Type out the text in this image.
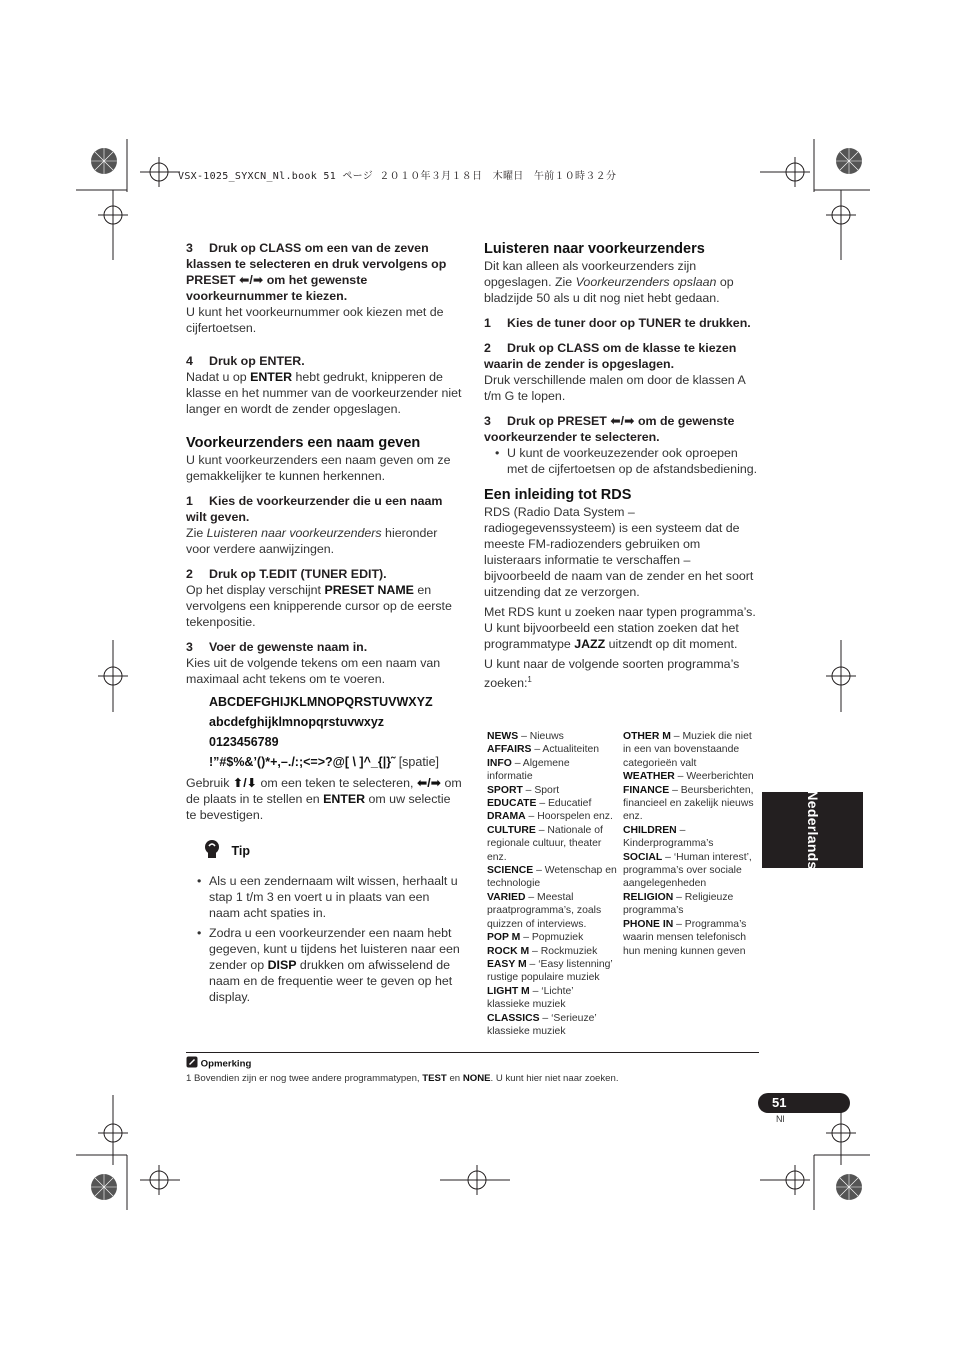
VSX-1025_SYXCN_Nl.book 51 ページ ２０１０年３月１８日　木曜日　午前１０時３２分

3 Druk op CLASS om een van de zeven klassen te selecteren en druk vervolgens op PRESET ⬅/➡ om het gewenste voorkeurnummer te kiezen.

U kunt het voorkeurnummer ook kiezen met de cijfertoetsen.

4 Druk op ENTER.

Nadat u op ENTER hebt gedrukt, knipperen de klasse en het nummer van de voorkeurzender niet langer en wordt de zender opgeslagen.

Voorkeurzenders een naam geven

U kunt voorkeurzenders een naam geven om ze gemakkelijker te kunnen herkennen.

1 Kies de voorkeurzender die u een naam wilt geven.

Zie Luisteren naar voorkeurzenders hieronder voor verdere aanwijzingen.

2 Druk op T.EDIT (TUNER EDIT).

Op het display verschijnt PRESET NAME en vervolgens een knipperende cursor op de eerste tekenpositie.

3 Voer de gewenste naam in.

Kies uit de volgende tekens om een naam van maximaal acht tekens om te voeren.

ABCDEFGHIJKLMNOPQRSTUVWXYZ
abcdefghijklmnopqrstuvwxyz
0123456789
!”#$%&’()*+,–./:;<=>?@[ \ ]^_{|}˜ [spatie]

Gebruik ⬆/⬇ om een teken te selecteren, ⬅/➡ om de plaats in te stellen en ENTER om uw selectie te bevestigen.

Tip
• Als u een zendernaam wilt wissen, herhaalt u stap 1 t/m 3 en voert u in plaats van een naam acht spaties in.
• Zodra u een voorkeurzender een naam hebt gegeven, kunt u tijdens het luisteren naar een zender op DISP drukken om afwisselend de naam en de frequentie weer te geven op het display.

Luisteren naar voorkeurzenders

Dit kan alleen als voorkeurzenders zijn opgeslagen. Zie Voorkeurzenders opslaan op bladzijde 50 als u dit nog niet hebt gedaan.

1 Kies de tuner door op TUNER te drukken.

2 Druk op CLASS om de klasse te kiezen waarin de zender is opgeslagen.

Druk verschillende malen om door de klassen A t/m G te lopen.

3 Druk op PRESET ⬅/➡ om de gewenste voorkeurzender te selecteren.

• U kunt de voorkeuzezender ook oproepen met de cijfertoetsen op de afstandsbediening.

Een inleiding tot RDS

RDS (Radio Data System – radiogegevenssysteem) is een systeem dat de meeste FM-radiozenders gebruiken om luisteraars informatie te verschaffen – bijvoorbeeld de naam van de zender en het soort uitzending dat ze verzorgen.

Met RDS kunt u zoeken naar typen programma’s. U kunt bijvoorbeeld een station zoeken dat het programmatype JAZZ uitzendt op dit moment.

U kunt naar de volgende soorten programma’s zoeken:$^1$

NEWS – Nieuws

AFFAIRS – Actualiteiten

INFO – Algemene informatie

SPORT – Sport

EDUCATE – Educatief

DRAMA – Hoorspelen enz.

CULTURE – Nationale of regionale cultuur, theater enz.

SCIENCE – Wetenschap en technologie

VARIED – Meestal praatprogramma’s, zoals quizzen of interviews.

POP M – Popmuziek

ROCK M – Rockmuziek

EASY M – ‘Easy listenning’ rustige populaire muziek

LIGHT M – ‘Lichte’ klassieke muziek

CLASSICS – ‘Serieuze’ klassieke muziek

OTHER M – Muziek die niet in een van bovenstaande categorieën valt

WEATHER – Weerberichten

FINANCE – Beursberichten, financieel en zakelijk nieuws enz.

CHILDREN – Kinderprogramma’s

SOCIAL – ‘Human interest’, programma’s over sociale aangelegenheden

RELIGION – Religieuze programma’s

PHONE IN – Programma’s waarin mensen telefonisch hun mening kunnen geven

Nederlands
Opmerking
1 Bovendien zijn er nog twee andere programmatypen, TEST en NONE. U kunt hier niet naar zoeken.
51
Nl
